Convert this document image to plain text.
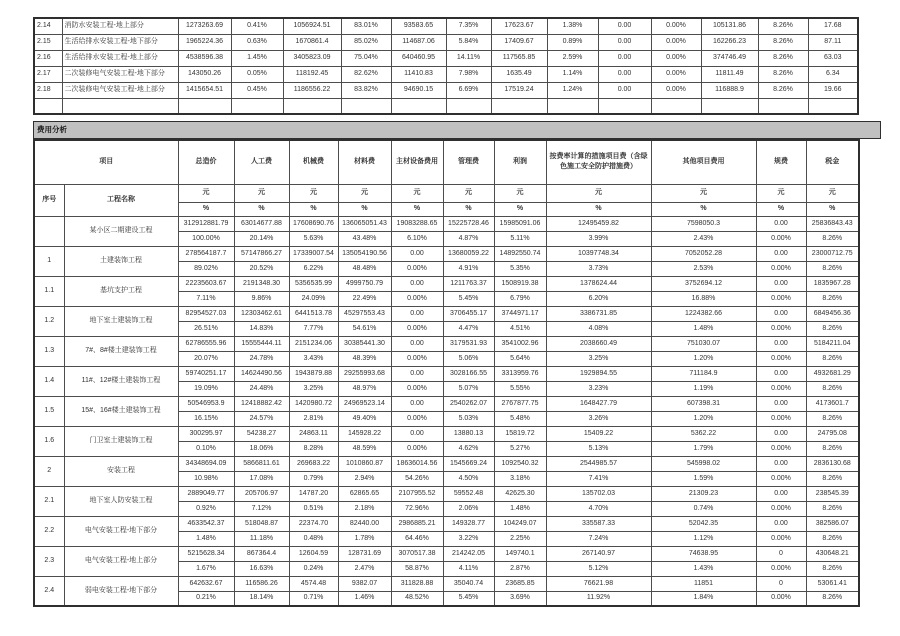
2.14	消防水安装工程-地上部分	1273263.69	0.41%	1056924.51	83.01%	93583.65	7.35%	17623.67	1.38%	0.00	0.00%	105131.86	8.26%	17.68
2.15	生活给排水安装工程-地下部分	1965224.36	0.63%	1670861.4	85.02%	114687.06	5.84%	17409.67	0.89%	0.00	0.00%	162266.23	8.26%	87.11
2.16	生活给排水安装工程-地上部分	4538596.38	1.45%	3405823.09	75.04%	640460.95	14.11%	117565.85	2.59%	0.00	0.00%	374746.49	8.26%	63.03
2.17	二次装修电气安装工程-地下部分	143050.26	0.05%	118192.45	82.62%	11410.83	7.98%	1635.49	1.14%	0.00	0.00%	11811.49	8.26%	6.34
2.18	二次装修电气安装工程-地上部分	1415654.51	0.45%	1186556.22	83.82%	94690.15	6.69%	17519.24	1.24%	0.00	0.00%	116888.9	8.26%	19.66

费用分析
项目		总造价	人工费	机械费	材料费	主材设备费用	管理费	利润	按费率计算的措施项目费（含绿色施工安全防护措施费）	其他项目费用	规费	税金
序号	工程名称	元	元	元	元	元	元	元	元	元	元	元
		%	%	%	%	%	%	%	%	%	%	%
	某小区二期建设工程	312912881.79	63014677.88	17608690.76	136065051.43	19083288.65	15225728.46	15985091.06	12495459.82	7598050.3	0.00	25836843.43
		100.00%	20.14%	5.63%	43.48%	6.10%	4.87%	5.11%	3.99%	2.43%	0.00%	8.26%
1	土建装饰工程	278564187.7	57147866.27	17339007.54	135054190.56	0.00	13680059.22	14892550.74	10397748.34	7052052.28	0.00	23000712.75
		89.02%	20.52%	6.22%	48.48%	0.00%	4.91%	5.35%	3.73%	2.53%	0.00%	8.26%
1.1	基坑支护工程	22235603.67	2191348.30	5356535.99	4999750.79	0.00	1211763.37	1508919.38	1378624.44	3752694.12	0.00	1835967.28
		7.11%	9.86%	24.09%	22.49%	0.00%	5.45%	6.79%	6.20%	16.88%	0.00%	8.26%
1.2	地下室土建装饰工程	82954527.03	12303462.61	6441513.78	45297553.43	0.00	3706455.17	3744971.17	3386731.85	1224382.66	0.00	6849456.36
		26.51%	14.83%	7.77%	54.61%	0.00%	4.47%	4.51%	4.08%	1.48%	0.00%	8.26%
1.3	7#、8#楼土建装饰工程	62786555.96	15555444.11	2151234.06	30385441.30	0.00	3179531.93	3541002.96	2038660.49	751030.07	0.00	5184211.04
		20.07%	24.78%	3.43%	48.39%	0.00%	5.06%	5.64%	3.25%	1.20%	0.00%	8.26%
1.4	11#、12#楼土建装饰工程	59740251.17	14624490.56	1943879.88	29255993.68	0.00	3028166.55	3313959.76	1929894.55	711184.9	0.00	4932681.29
		19.09%	24.48%	3.25%	48.97%	0.00%	5.07%	5.55%	3.23%	1.19%	0.00%	8.26%
1.5	15#、16#楼土建装饰工程	50546953.9	12418882.42	1420980.72	24969523.14	0.00	2540262.07	2767877.75	1648427.79	607398.31	0.00	4173601.7
		16.15%	24.57%	2.81%	49.40%	0.00%	5.03%	5.48%	3.26%	1.20%	0.00%	8.26%
1.6	门卫室土建装饰工程	300295.97	54238.27	24863.11	145928.22	0.00	13880.13	15819.72	15409.22	5362.22	0.00	24795.08
		0.10%	18.06%	8.28%	48.59%	0.00%	4.62%	5.27%	5.13%	1.79%	0.00%	8.26%
2	安装工程	34348694.09	5866811.61	269683.22	1010860.87	18636014.56	1545669.24	1092540.32	2544985.57	545998.02	0.00	2836130.68
		10.98%	17.08%	0.79%	2.94%	54.26%	4.50%	3.18%	7.41%	1.59%	0.00%	8.26%
2.1	地下室人防安装工程	2889049.77	205706.97	14787.20	62865.65	2107955.52	59552.48	42625.30	135702.03	21309.23	0.00	238545.39
		0.92%	7.12%	0.51%	2.18%	72.96%	2.06%	1.48%	4.70%	0.74%	0.00%	8.26%
2.2	电气安装工程-地下部分	4633542.37	518048.87	22374.70	82440.00	2986885.21	149328.77	104249.07	335587.33	52042.35	0.00	382586.07
		1.48%	11.18%	0.48%	1.78%	64.46%	3.22%	2.25%	7.24%	1.12%	0.00%	8.26%
2.3	电气安装工程-地上部分	5215628.34	867364.4	12604.59	128731.69	3070517.38	214242.05	149740.1	267140.97	74638.95	0	430648.21
		1.67%	16.63%	0.24%	2.47%	58.87%	4.11%	2.87%	5.12%	1.43%	0.00%	8.26%
2.4	弱电安装工程-地下部分	642632.67	116586.26	4574.48	9382.07	311828.88	35040.74	23685.85	76621.98	11851	0	53061.41
		0.21%	18.14%	0.71%	1.46%	48.52%	5.45%	3.69%	11.92%	1.84%	0.00%	8.26%
